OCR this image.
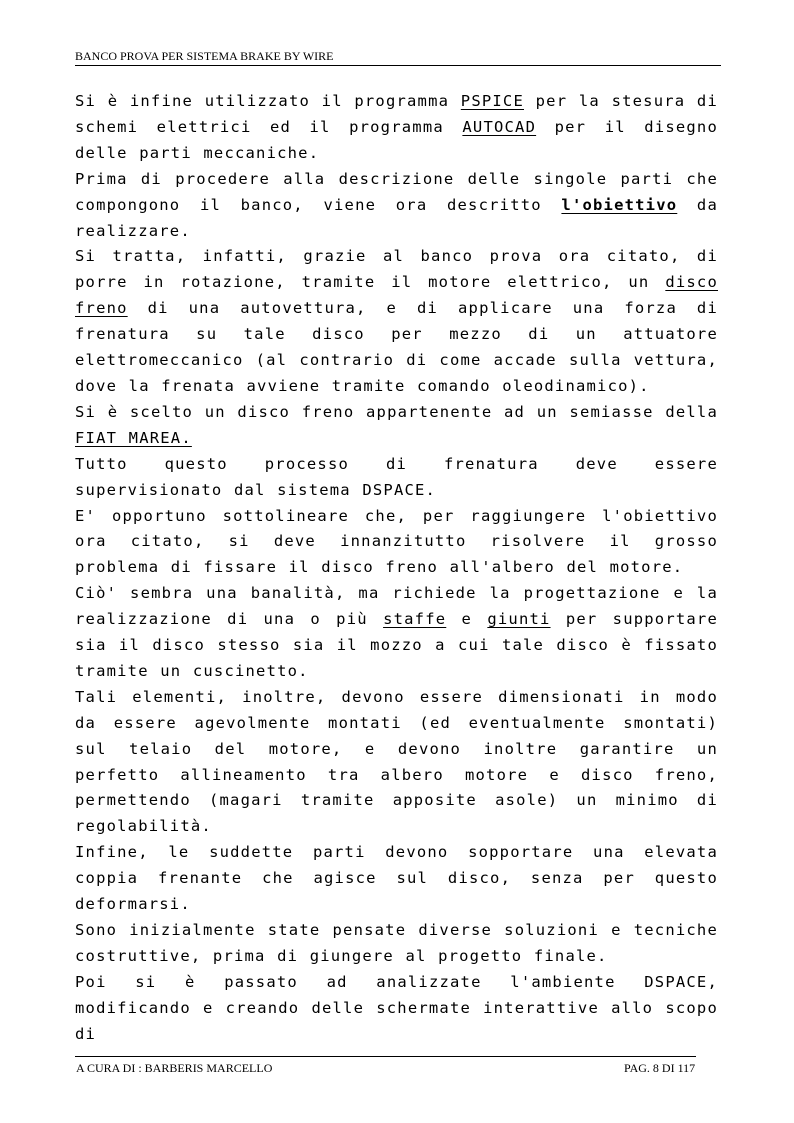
BANCO PROVA PER SISTEMA BRAKE BY WIRE

Si è infine utilizzato il programma PSPICE per la stesura di schemi elettrici ed il programma AUTOCAD per il disegno delle parti meccaniche.

Prima di procedere alla descrizione delle singole parti che compongono il banco, viene ora descritto l'obiettivo da realizzare.

Si tratta, infatti, grazie al banco prova ora citato, di porre in rotazione, tramite il motore elettrico, un disco freno di una autovettura, e di applicare una forza di frenatura su tale disco per mezzo di un attuatore elettromeccanico (al contrario di come accade sulla vettura, dove la frenata avviene tramite comando oleodinamico).

Si è scelto un disco freno appartenente ad un semiasse della FIAT MAREA.

Tutto questo processo di frenatura deve essere supervisionato dal sistema DSPACE.

E' opportuno sottolineare che, per raggiungere l'obiettivo ora citato, si deve innanzitutto risolvere il grosso problema di fissare il disco freno all'albero del motore.

Ciò' sembra una banalità, ma richiede la progettazione e la realizzazione di una o più staffe e giunti per supportare sia il disco stesso sia il mozzo a cui tale disco è fissato tramite un cuscinetto.

Tali elementi, inoltre, devono essere dimensionati in modo da essere agevolmente montati (ed eventualmente smontati) sul telaio del motore, e devono inoltre garantire un perfetto allineamento tra albero motore e disco freno, permettendo (magari tramite apposite asole) un minimo di regolabilità.

Infine, le suddette parti devono sopportare una elevata coppia frenante che agisce sul disco, senza per questo deformarsi.

Sono inizialmente state pensate diverse soluzioni e tecniche costruttive, prima di giungere al progetto finale.

Poi si è passato ad analizzate l'ambiente DSPACE, modificando e creando delle schermate interattive allo scopo di

A CURA DI : BARBERIS MARCELLO	PAG. 8 DI 117
